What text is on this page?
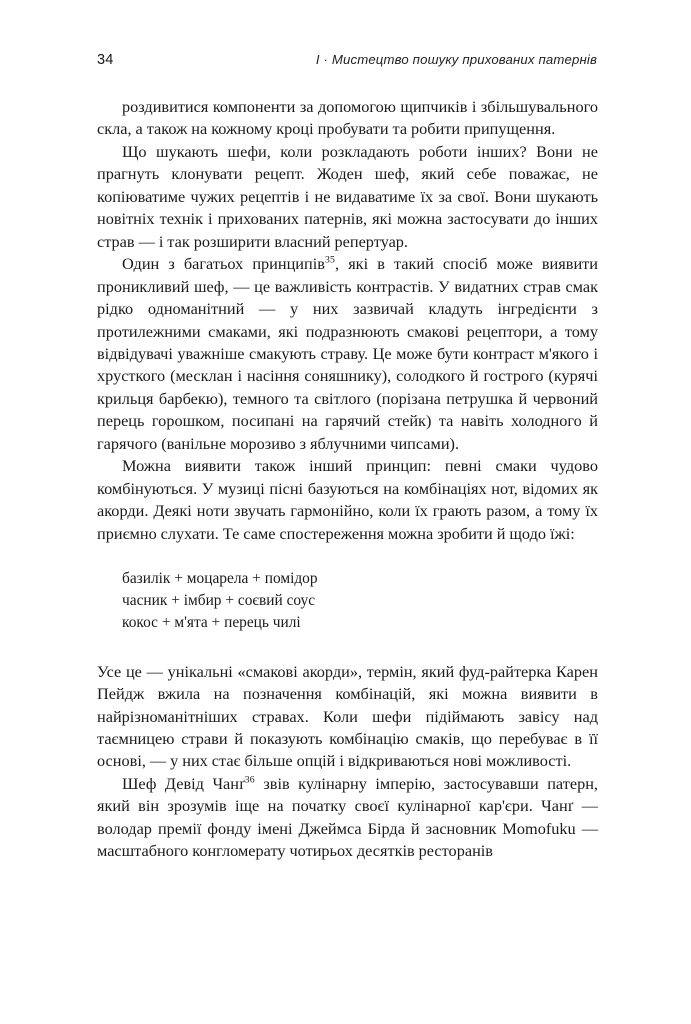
34	I · Мистецтво пошуку прихованих патернів

роздивитися компоненти за допомогою щипчиків і збільшувального скла, а також на кожному кроці пробувати та робити припущення.

Що шукають шефи, коли розкладають роботи інших? Вони не прагнуть клонувати рецепт. Жоден шеф, який себе поважає, не копіюватиме чужих рецептів і не видаватиме їх за свої. Вони шукають новітніх технік і прихованих патернів, які можна застосувати до інших страв — і так розширити власний репертуар.

Один з багатьох принципів$^{35}$, які в такий спосіб може виявити проникливий шеф, — це важливість контрастів. У видатних страв смак рідко одноманітний — у них зазвичай кладуть інгредієнти з протилежними смаками, які подразнюють смакові рецептори, а тому відвідувачі уважніше смакують страву. Це може бути контраст м'якого і хрусткого (месклан і насіння соняшнику), солодкого й гострого (курячі крильця барбекю), темного та світлого (порізана петрушка й червоний перець горошком, посипані на гарячий стейк) та навіть холодного й гарячого (ванільне морозиво з яблучними чипсами).

Можна виявити також інший принцип: певні смаки чудово комбінуються. У музиці пісні базуються на комбінаціях нот, відомих як акорди. Деякі ноти звучать гармонійно, коли їх грають разом, а тому їх приємно слухати. Те саме спостереження можна зробити й щодо їжі:

базилік + моцарела + помідор

часник + імбир + соєвий соус

кокос + м'ята + перець чилі

Усе це — унікальні «смакові акорди», термін, який фуд-райтерка Карен Пейдж вжила на позначення комбінацій, які можна виявити в найрізноманітніших стравах. Коли шефи підіймають завісу над таємницею страви й показують комбінацію смаків, що перебуває в її основі, — у них стає більше опцій і відкриваються нові можливості.

Шеф Девід Чанґ$^{36}$ звів кулінарну імперію, застосувавши патерн, який він зрозумів іще на початку своєї кулінарної кар'єри. Чанґ — володар премії фонду імені Джеймса Бірда й засновник Momofuku — масштабного конгломерату чотирьох десятків ресторанів
